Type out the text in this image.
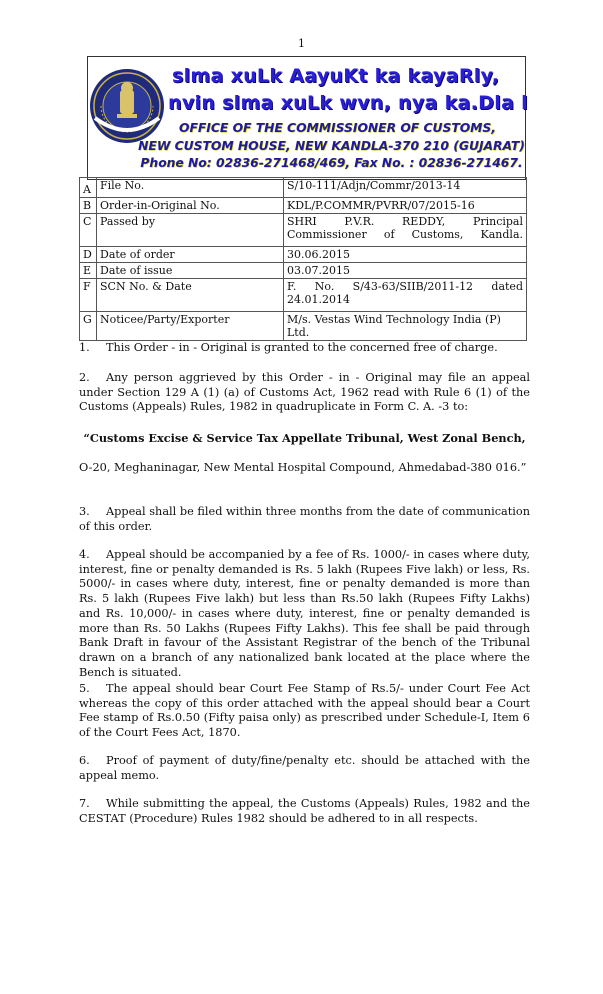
1
slma xuLk AayuKt ka kayaRly,
nvin slma xuLk wvn, nya ka.Dla l
OFFICE OF THE COMMISSIONER OF CUSTOMS,
NEW CUSTOM HOUSE, NEW KANDLA-370 210 (GUJARAT)
Phone No: 02836-271468/469, Fax No. : 02836-271467.
A	File No.	S/10-111/Adjn/Commr/2013-14
B	Order-in-Original No.	KDL/P.COMMR/PVRR/07/2015-16
C	Passed by	SHRI P.V.R. REDDY, Principal Commissioner of Customs, Kandla.
D	Date of order	30.06.2015
E	Date of issue	03.07.2015
F	SCN No. & Date	F. No. S/43-63/SIIB/2011-12 dated 24.01.2014
G	Noticee/Party/Exporter	M/s. Vestas Wind Technology India (P) Ltd.
1. This Order - in - Original is granted to the concerned free of charge.
2. Any person aggrieved by this Order - in - Original may file an appeal under Section 129 A (1) (a) of Customs Act, 1962 read with Rule 6 (1) of the Customs (Appeals) Rules, 1982 in quadruplicate in Form C. A. -3 to:
“Customs Excise & Service Tax Appellate Tribunal, West Zonal Bench,
O-20, Meghaninagar, New Mental Hospital Compound, Ahmedabad-380 016.”
3. Appeal shall be filed within three months from the date of communication of this order.
4. Appeal should be accompanied by a fee of Rs. 1000/- in cases where duty, interest, fine or penalty demanded is Rs. 5 lakh (Rupees Five lakh) or less, Rs. 5000/- in cases where duty, interest, fine or penalty demanded is more than Rs. 5 lakh (Rupees Five lakh) but less than Rs.50 lakh (Rupees Fifty Lakhs) and Rs. 10,000/- in cases where duty, interest, fine or penalty demanded is more than Rs. 50 Lakhs (Rupees Fifty Lakhs). This fee shall be paid through Bank Draft in favour of the Assistant Registrar of the bench of the Tribunal drawn on a branch of any nationalized bank located at the place where the Bench is situated.
5. The appeal should bear Court Fee Stamp of Rs.5/- under Court Fee Act whereas the copy of this order attached with the appeal should bear a Court Fee stamp of Rs.0.50 (Fifty paisa only) as prescribed under Schedule-I, Item 6 of the Court Fees Act, 1870.
6. Proof of payment of duty/fine/penalty etc. should be attached with the appeal memo.
7. While submitting the appeal, the Customs (Appeals) Rules, 1982 and the CESTAT (Procedure) Rules 1982 should be adhered to in all respects.
